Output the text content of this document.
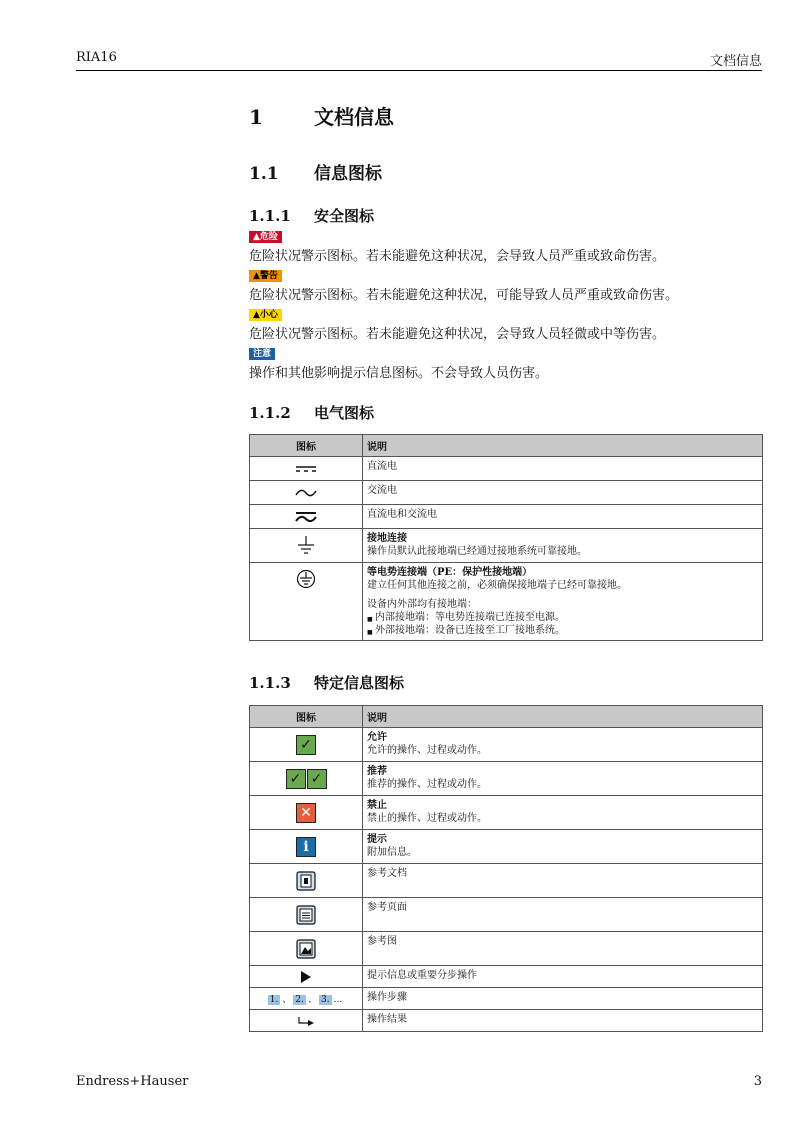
RIA16	文档信息
1	文档信息
1.1 信息图标
1.1.1 安全图标
▲危险
危险状况警示图标。若未能避免这种状况，会导致人员严重或致命伤害。
▲警告
危险状况警示图标。若未能避免这种状况，可能导致人员严重或致命伤害。
▲小心
危险状况警示图标。若未能避免这种状况，会导致人员轻微或中等伤害。
注意
操作和其他影响提示信息图标。不会导致人员伤害。
1.1.2 电气图标
图标	说明
	直流电
	交流电
	直流电和交流电

接地连接
操作员默认此接地端已经通过接地系统可靠接地。

等电势连接端（PE：保护性接地端）
建立任何其他连接之前，必须确保接地端子已经可靠接地。
设备内外部均有接地端：
■ 内部接地端：等电势连接端已连接至电源。
■ 外部接地端：设备已连接至工厂接地系统。
1.1.3 特定信息图标
图标	说明
✓	允许
允许的操作、过程或动作。

✓ ✓	推荐
推荐的操作、过程或动作。

✕	禁止
禁止的操作、过程或动作。

i	提示
附加信息。

	参考文档
	参考页面
	参考图
	提示信息或重要分步操作
1. 、 2. 、 3. ...	操作步骤
	操作结果
Endress+Hauser	3
